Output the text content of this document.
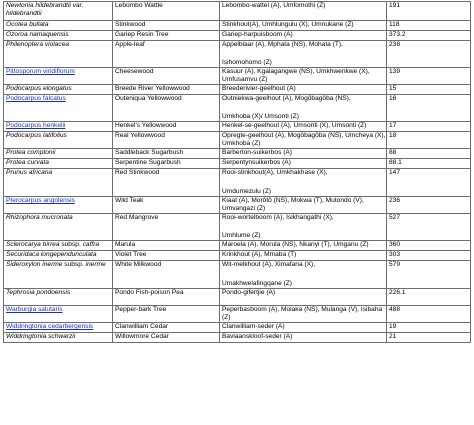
Newtonia hildebrandtii var.
hildebrandtii	Lebombo Wattle	Lebombo-wattel (A), Umfomothi (Z)	191

Ocotea bullata	Stinkwood	Stinkhout(A), Umhlungulu (X), Umnukane (Z)	118

Ozoroa namaquensis	Gariep Resin Tree	Gariep-harpuisboom (A)	373.2

Philenoptera violacea	Apple-leaf	Appelblaar (A), Mphata (NS), Mohata (T),
Isihomohomo (Z)	238

Pittosporum viridiflorum	Cheesewood	Kasuur (A), Kgalagangwe (NS), Umkhwenkwe (X),
Umfusamvu (Z)	139

Podocarpus elongatus	Breede River Yellowwood	Breederivier-geelhout (A)	15

Podocarpus falcatus	Outeniqua Yellowwood	Outniekwa-geelhout (A), Mogôbagôba (NS),
Umkhoba (X)/ Umsonti (Z)	16

Podocarpus henkelii	Henkel's Yellowwood	Henkel-se-geelhout (A), Umsonti (X), Umsonti (Z)	17

Podocarpus latifolius	Real Yellowwood	Opregte-geelhout (A), Mogôbagôba (NS), Umcheya (X),
Umkhoba (Z)	18

Protea comptonii	Saddleback Sugarbush	Barberton-suikerbos (A)	88

Protea curvata	Serpentine Sugarbush	Serpentynsuikerbos (A)	88.1

Prunus africana	Red Stinkwood	Rooi-stinkhout(A), Umkhakhase (X),
Umdumezulu (Z)	147

Pterocarpus angolensis	Wild Teak	Kiaat (A), Morôtô (NS), Mokwa (T), Mutondo (V),
Umvangazi (Z)	236

Rhizophora mucronata	Red Mangrove	Rooi-wortelboom (A), Isikhangathi (X),
Umhlume (Z)	527
Sclerocarya birrea subsp. caffra	Marula	Maroela (A), Morula (NS), Nkanyi (T), Umganu (Z)	360

Securidaca longependunculata	Violet Tree	Krinkhout (A), Mmaba (T)	303
Sideroxylon inerme subsp. inerme	White Milkwood	Wit-melkhout (A), Ximafana (X),
Umakhwelafingqane (Z)	579

Tephrosia pondoensis	Pondo Fish-poison Pea	Pondo-gifertjie (A)	226.1

Warburgia salutaris	Pepper-bark Tree	Peperbasboom (A), Molaka (NS), Mulanga (V), Isibaha
(Z)	488

Widdringtonia cedarbergensis	Clanwilliam Cedar	Clanwilliam-seder (A)	19

Widdringtonia schwarzii	Willowmore Cedar	Baviaanskloof-seder (A)	21
